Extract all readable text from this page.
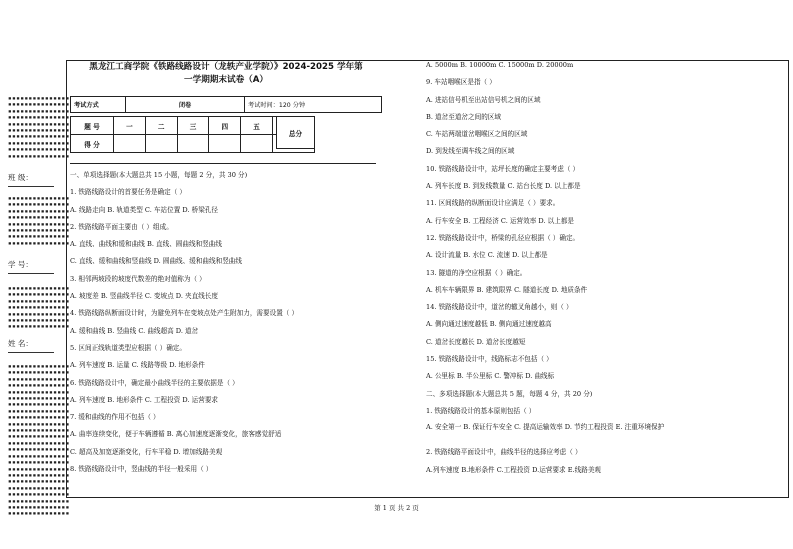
▪▪▪▪▪▪▪▪▪▪▪▪▪▪▪ ▪▪▪▪▪▪▪▪▪▪▪▪▪▪▪ ▪▪▪▪▪▪▪▪▪▪▪▪▪▪▪ ▪▪▪▪▪▪▪▪▪▪▪▪▪▪▪ ▪▪▪▪▪▪▪▪▪▪▪▪▪▪▪ ▪▪▪▪▪▪▪▪▪▪▪▪▪▪▪ ▪▪▪▪▪▪▪▪▪▪▪▪▪▪▪ ▪▪▪▪▪▪▪▪▪▪▪▪▪▪▪ ▪▪▪▪▪▪▪▪▪▪▪▪▪▪▪ ▪▪▪▪▪▪▪▪▪▪▪▪▪▪▪
班 级：
▪▪▪▪▪▪▪▪▪▪▪▪▪▪▪ ▪▪▪▪▪▪▪▪▪▪▪▪▪▪▪ ▪▪▪▪▪▪▪▪▪▪▪▪▪▪▪ ▪▪▪▪▪▪▪▪▪▪▪▪▪▪▪ ▪▪▪▪▪▪▪▪▪▪▪▪▪▪▪ ▪▪▪▪▪▪▪▪▪▪▪▪▪▪▪ ▪▪▪▪▪▪▪▪▪▪▪▪▪▪▪ ▪▪▪▪▪▪▪▪▪▪▪▪▪▪▪
学 号：
▪▪▪▪▪▪▪▪▪▪▪▪▪▪▪ ▪▪▪▪▪▪▪▪▪▪▪▪▪▪▪ ▪▪▪▪▪▪▪▪▪▪▪▪▪▪▪ ▪▪▪▪▪▪▪▪▪▪▪▪▪▪▪ ▪▪▪▪▪▪▪▪▪▪▪▪▪▪▪ ▪▪▪▪▪▪▪▪▪▪▪▪▪▪▪ ▪▪▪▪▪▪▪▪▪▪▪▪▪▪▪
姓 名：
▪▪▪▪▪▪▪▪▪▪▪▪▪▪▪ ▪▪▪▪▪▪▪▪▪▪▪▪▪▪▪ ▪▪▪▪▪▪▪▪▪▪▪▪▪▪▪ ▪▪▪▪▪▪▪▪▪▪▪▪▪▪▪ ▪▪▪▪▪▪▪▪▪▪▪▪▪▪▪ ▪▪▪▪▪▪▪▪▪▪▪▪▪▪▪ ▪▪▪▪▪▪▪▪▪▪▪▪▪▪▪ ▪▪▪▪▪▪▪▪▪▪▪▪▪▪▪ ▪▪▪▪▪▪▪▪▪▪▪▪▪▪▪ ▪▪▪▪▪▪▪▪▪▪▪▪▪▪▪ ▪▪▪▪▪▪▪▪▪▪▪▪▪▪▪ ▪▪▪▪▪▪▪▪▪▪▪▪▪▪▪ ▪▪▪▪▪▪▪▪▪▪▪▪▪▪▪ ▪▪▪▪▪▪▪▪▪▪▪▪▪▪▪ ▪▪▪▪▪▪▪▪▪▪▪▪▪▪▪ ▪▪▪▪▪▪▪▪▪▪▪▪▪▪▪ ▪▪▪▪▪▪▪▪▪▪▪▪▪▪▪ ▪▪▪▪▪▪▪▪▪▪▪▪▪▪▪ ▪▪▪▪▪▪▪▪▪▪▪▪▪▪▪ ▪▪▪▪▪▪▪▪▪▪▪▪▪▪▪ ▪▪▪▪▪▪▪▪▪▪▪▪▪▪▪ ▪▪▪▪▪▪▪▪▪▪▪▪▪▪▪ ▪▪▪▪▪▪▪▪▪▪▪▪▪▪▪ ▪▪▪▪▪▪▪▪▪▪▪▪▪▪▪
黑龙江工商学院《铁路线路设计（龙轶产业学院）》2024-2025 学年第
一学期期末试卷（A）
考试方式	闭卷	考试时间：120 分钟
题 号	一	二	三	四	五	
得 分						
总分
一、单项选择题(本大题总共 15 小题，每题 2 分，共 30 分)
1. 铁路线路设计的首要任务是确定（ ）
A. 线路走向 B. 轨道类型 C. 车站位置 D. 桥梁孔径
2. 铁路线路平面主要由（ ）组成。
A. 直线、曲线和缓和曲线 B. 直线、圆曲线和竖曲线
C. 直线、缓和曲线和竖曲线 D. 圆曲线、缓和曲线和竖曲线
3. 相邻两坡段的坡度代数差的绝对值称为（ ）
A. 坡度差 B. 竖曲线半径 C. 变坡点 D. 夹直线长度
4. 铁路线路纵断面设计时，为避免列车在变坡点处产生附加力，需要设置（ ）
A. 缓和曲线 B. 竖曲线 C. 曲线超高 D. 道岔
5. 区间正线轨道类型应根据（ ）确定。
A. 列车速度 B. 运量 C. 线路等级 D. 地形条件
6. 铁路线路设计中，确定最小曲线半径的主要依据是（ ）
A. 列车速度 B. 地形条件 C. 工程投资 D. 运营要求
7. 缓和曲线的作用不包括（ ）
A. 曲率连续变化，便于车辆遵循 B. 离心加速度逐渐变化，旅客感觉舒适
C. 超高及加宽逐渐变化，行车平稳 D. 增加线路美观
8. 铁路线路设计中，竖曲线的半径一般采用（ ）
A. 5000m B. 10000m C. 15000m D. 20000m
9. 车站咽喉区是指（ ）
A. 进站信号机至出站信号机之间的区域
B. 道岔至道岔之间的区域
C. 车站两端道岔咽喉区之间的区域
D. 到发线至调车线之间的区域
10. 铁路线路设计中，站坪长度的确定主要考虑（ ）
A. 列车长度 B. 到发线数量 C. 站台长度 D. 以上都是
11. 区间线路的纵断面设计应满足（ ）要求。
A. 行车安全 B. 工程经济 C. 运营效率 D. 以上都是
12. 铁路线路设计中，桥梁的孔径应根据（ ）确定。
A. 设计流量 B. 水位 C. 流速 D. 以上都是
13. 隧道的净空应根据（ ）确定。
A. 机车车辆限界 B. 建筑限界 C. 隧道长度 D. 地质条件
14. 铁路线路设计中，道岔的辙叉角越小，则（ ）
A. 侧向通过速度越低 B. 侧向通过速度越高
C. 道岔长度越长 D. 道岔长度越短
15. 铁路线路设计中，线路标志不包括（ ）
A. 公里标 B. 半公里标 C. 警冲标 D. 曲线标
二、多项选择题(本大题总共 5 题，每题 4 分，共 20 分)
1. 铁路线路设计的基本原则包括（ ）
A. 安全第一 B. 保证行车安全 C. 提高运输效率 D. 节约工程投资 E. 注重环境保护
2. 铁路线路平面设计中，曲线半径的选择应考虑（ ）
A.列车速度 B.地形条件 C.工程投资 D.运营要求 E.线路美观
第 1 页 共 2 页
